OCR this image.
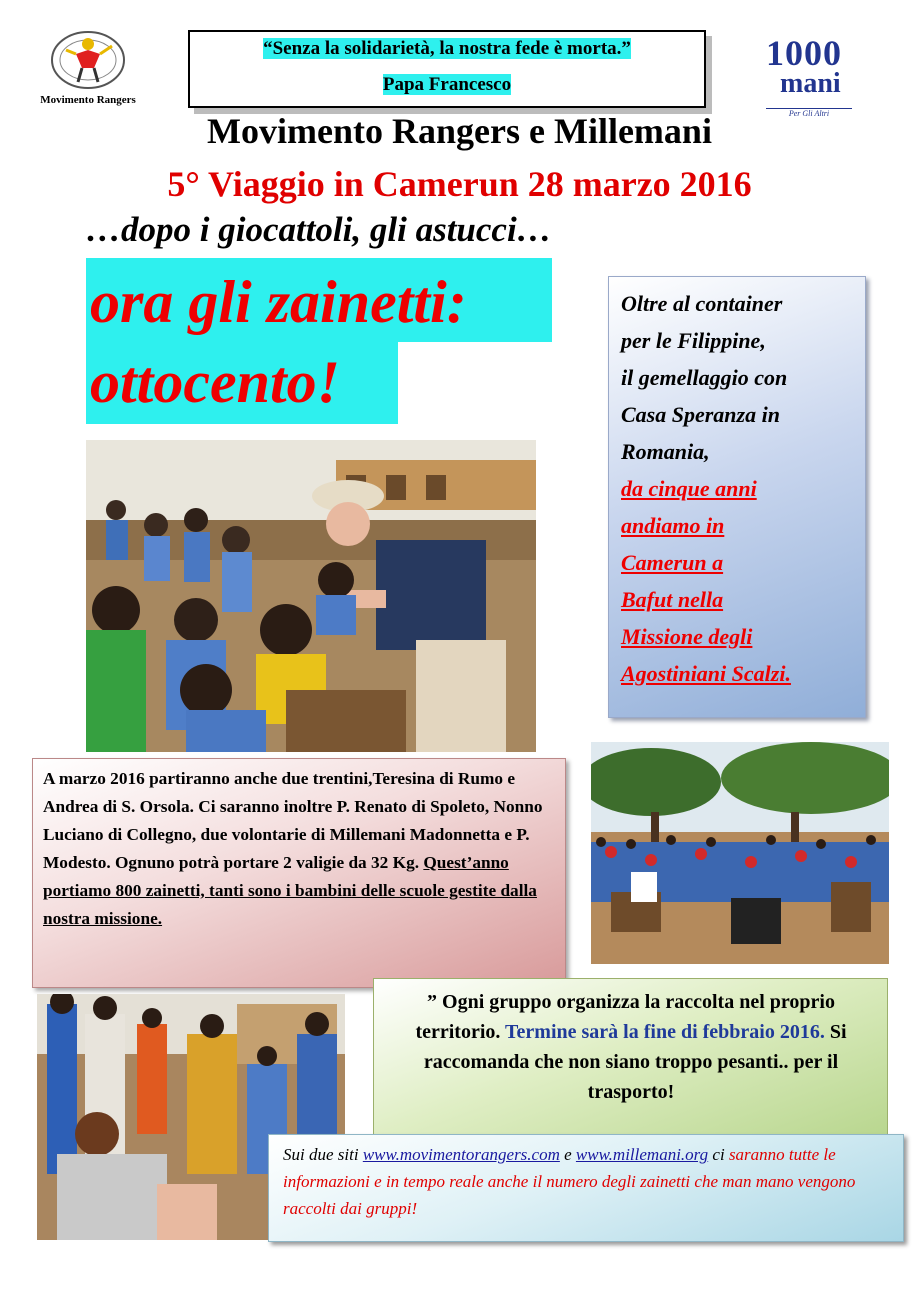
Movimento Rangers
“Senza la solidarietà, la nostra fede è morta.”
Papa Francesco
1000
mani
Per Gli Altri
Movimento Rangers e Millemani
5° Viaggio in Camerun 28 marzo 2016
…dopo i giocattoli, gli astucci…
ora gli zainetti:
ottocento!
Oltre al container
per le Filippine,
il gemellaggio con
Casa Speranza in
Romania,
da cinque anni
andiamo in
Camerun a
Bafut nella
Missione degli
Agostiniani Scalzi.
A marzo 2016 partiranno anche due trentini,Teresina di Rumo e Andrea di S. Orsola. Ci saranno inoltre P. Renato di Spoleto, Nonno Luciano di Collegno, due volontarie di Millemani Madonnetta e P. Modesto. Ognuno potrà portare 2 valigie da 32 Kg. Quest’anno portiamo 800 zainetti, tanti sono i bambini delle scuole gestite dalla nostra missione.
” Ogni gruppo organizza la raccolta nel proprio territorio. Termine sarà la fine di febbraio 2016. Si raccomanda che non siano troppo pesanti.. per il trasporto!
Sui due siti www.movimentorangers.com e www.millemani.org ci saranno tutte le informazioni e in tempo reale anche il numero degli zainetti che man mano vengono raccolti dai gruppi!
